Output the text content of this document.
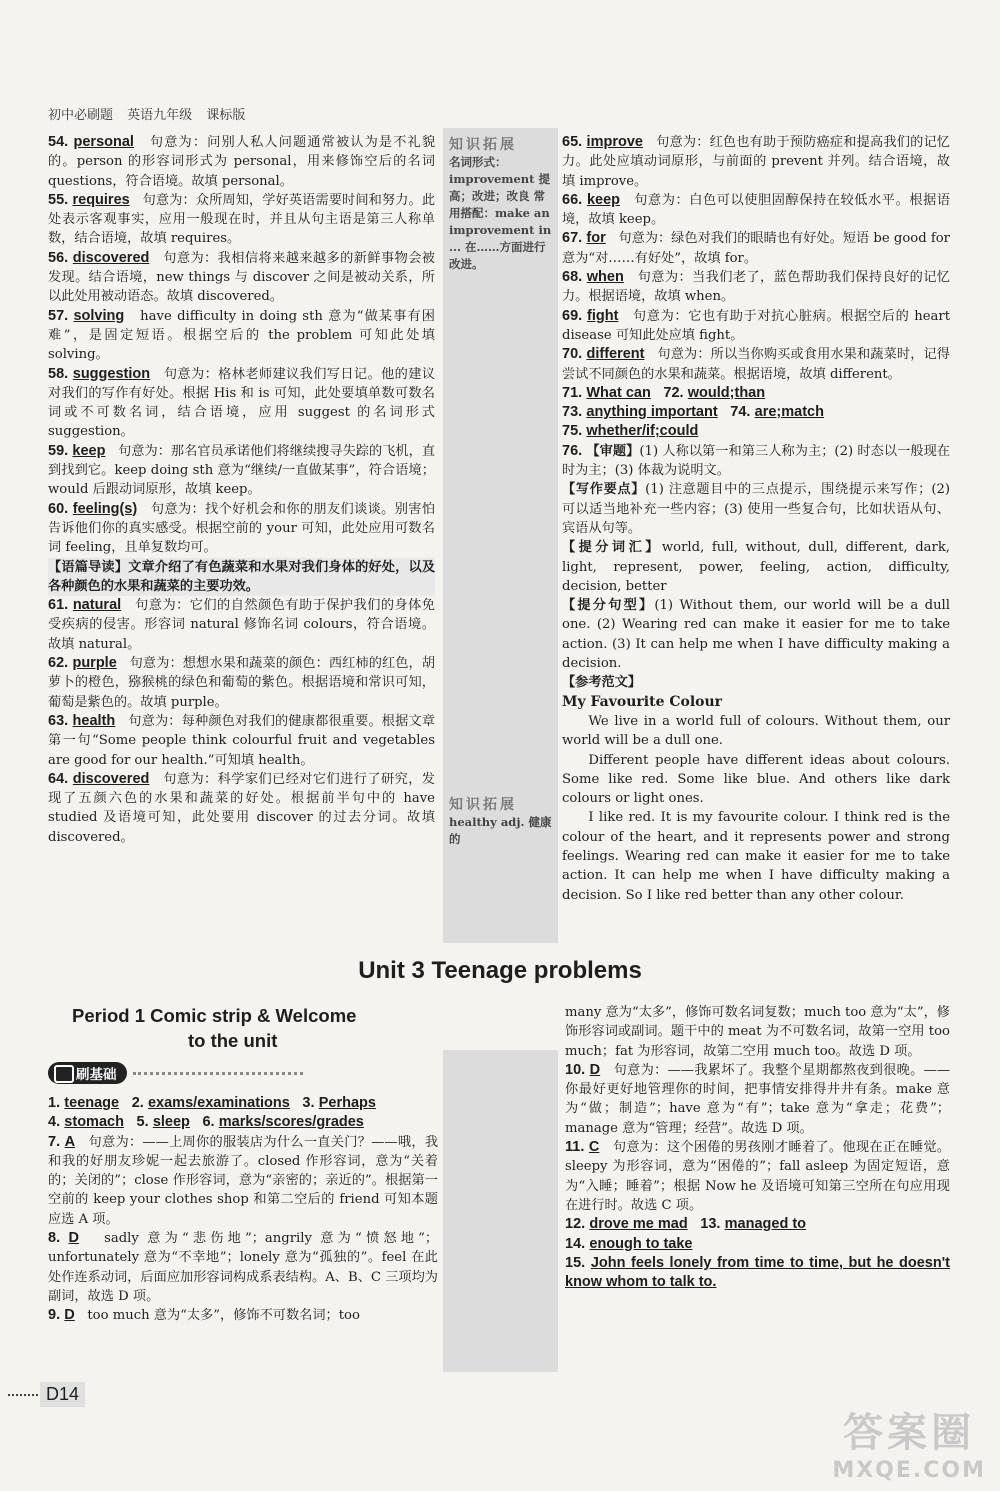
初中必刷题 英语九年级 课标版

54. personal 句意为：问别人私人问题通常被认为是不礼貌的。person 的形容词形式为 personal，用来修饰空后的名词 questions，符合语境。故填 personal。

55. requires 句意为：众所周知，学好英语需要时间和努力。此处表示客观事实，应用一般现在时，并且从句主语是第三人称单数，结合语境，故填 requires。

56. discovered 句意为：我相信将来越来越多的新鲜事物会被发现。结合语境，new things 与 discover 之间是被动关系，所以此处用被动语态。故填 discovered。

57. solving have difficulty in doing sth 意为“做某事有困难”，是固定短语。根据空后的 the problem 可知此处填 solving。

58. suggestion 句意为：格林老师建议我们写日记。他的建议对我们的写作有好处。根据 His 和 is 可知，此处要填单数可数名词或不可数名词，结合语境，应用 suggest 的名词形式 suggestion。

59. keep 句意为：那名官员承诺他们将继续搜寻失踪的飞机，直到找到它。keep doing sth 意为“继续/一直做某事”，符合语境；would 后跟动词原形，故填 keep。

60. feeling(s) 句意为：找个好机会和你的朋友们谈谈。别害怕告诉他们你的真实感受。根据空前的 your 可知，此处应用可数名词 feeling，且单复数均可。

【语篇导读】文章介绍了有色蔬菜和水果对我们身体的好处，以及各种颜色的水果和蔬菜的主要功效。

61. natural 句意为：它们的自然颜色有助于保护我们的身体免受疾病的侵害。形容词 natural 修饰名词 colours，符合语境。故填 natural。

62. purple 句意为：想想水果和蔬菜的颜色：西红柿的红色，胡萝卜的橙色，猕猴桃的绿色和葡萄的紫色。根据语境和常识可知，葡萄是紫色的。故填 purple。

63. health 句意为：每种颜色对我们的健康都很重要。根据文章第一句“Some people think colourful fruit and vegetables are good for our health.”可知填 health。

64. discovered 句意为：科学家们已经对它们进行了研究，发现了五颜六色的水果和蔬菜的好处。根据前半句中的 have studied 及语境可知，此处要用 discover 的过去分词。故填 discovered。

知识拓展
名词形式：improvement 提高；改进；改良 常用搭配：make an improvement in ... 在……方面进行改进。
知识拓展
healthy adj. 健康的

65. improve 句意为：红色也有助于预防癌症和提高我们的记忆力。此处应填动词原形，与前面的 prevent 并列。结合语境，故填 improve。

66. keep 句意为：白色可以使胆固醇保持在较低水平。根据语境，故填 keep。

67. for 句意为：绿色对我们的眼睛也有好处。短语 be good for 意为“对……有好处”，故填 for。

68. when 句意为：当我们老了，蓝色帮助我们保持良好的记忆力。根据语境，故填 when。

69. fight 句意为：它也有助于对抗心脏病。根据空后的 heart disease 可知此处应填 fight。

70. different 句意为：所以当你购买或食用水果和蔬菜时，记得尝试不同颜色的水果和蔬菜。根据语境，故填 different。

71. What can 72. would;than

73. anything important 74. are;match

75. whether/if;could

76. 【审题】(1) 人称以第一和第三人称为主；(2) 时态以一般现在时为主；(3) 体裁为说明文。

【写作要点】(1) 注意题目中的三点提示，围绕提示来写作；(2) 可以适当地补充一些内容；(3) 使用一些复合句，比如状语从句、宾语从句等。

【提分词汇】world, full, without, dull, different, dark, light, represent, power, feeling, action, difficulty, decision, better

【提分句型】(1) Without them, our world will be a dull one. (2) Wearing red can make it easier for me to take action. (3) It can help me when I have difficulty making a decision.

【参考范文】

My Favourite Colour

We live in a world full of colours. Without them, our world will be a dull one.

Different people have different ideas about colours. Some like red. Some like blue. And others like dark colours or light ones.

I like red. It is my favourite colour. I think red is the colour of the heart, and it represents power and strong feelings. Wearing red can make it easier for me to take action. It can help me when I have difficulty making a decision. So I like red better than any other colour.

Unit 3 Teenage problems
Period 1 Comic strip & Welcome
to the unit
刷基础

1. teenage 2. exams/examinations 3. Perhaps

4. stomach 5. sleep 6. marks/scores/grades

7. A 句意为：——上周你的服装店为什么一直关门？——哦，我和我的好朋友珍妮一起去旅游了。closed 作形容词，意为“关着的；关闭的”；close 作形容词，意为“亲密的；亲近的”。根据第一空前的 keep your clothes shop 和第二空后的 friend 可知本题应选 A 项。

8. D sadly 意为“悲伤地”；angrily 意为“愤怒地”；unfortunately 意为“不幸地”；lonely 意为“孤独的”。feel 在此处作连系动词，后面应加形容词构成系表结构。A、B、C 三项均为副词，故选 D 项。

9. D too much 意为“太多”，修饰不可数名词；too

many 意为“太多”，修饰可数名词复数；much too 意为“太”，修饰形容词或副词。题干中的 meat 为不可数名词，故第一空用 too much；fat 为形容词，故第二空用 much too。故选 D 项。

10. D 句意为：——我累坏了。我整个星期都熬夜到很晚。——你最好更好地管理你的时间，把事情安排得井井有条。make 意为“做；制造”；have 意为“有”；take 意为“拿走；花费”；manage 意为“管理；经营”。故选 D 项。

11. C 句意为：这个困倦的男孩刚才睡着了。他现在正在睡觉。sleepy 为形容词，意为“困倦的”；fall asleep 为固定短语，意为“入睡；睡着”；根据 Now he 及语境可知第三空所在句应用现在进行时。故选 C 项。

12. drove me mad 13. managed to

14. enough to take

15. John feels lonely from time to time, but he doesn't know whom to talk to.

D14
答案圈
MXQE.COM
